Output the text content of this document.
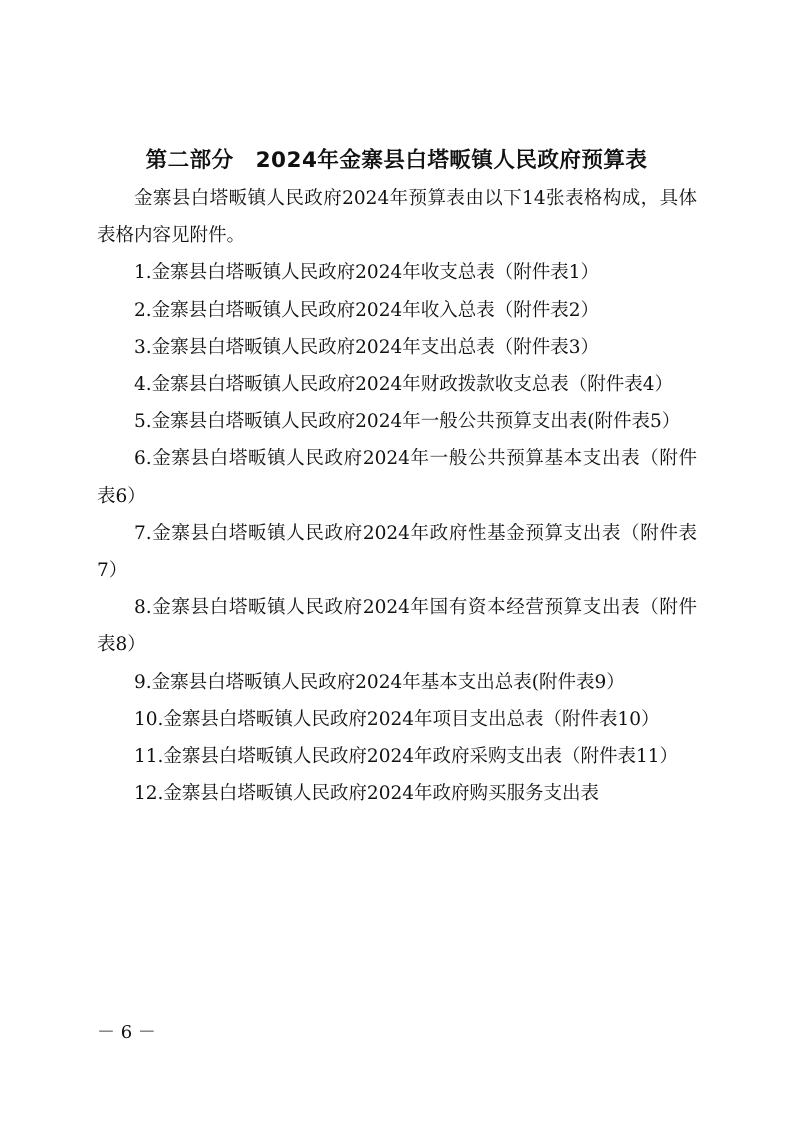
第二部分　2024年金寨县白塔畈镇人民政府预算表

金寨县白塔畈镇人民政府2024年预算表由以下14张表格构成，具体表格内容见附件。

1.金寨县白塔畈镇人民政府2024年收支总表（附件表1）

2.金寨县白塔畈镇人民政府2024年收入总表（附件表2）

3.金寨县白塔畈镇人民政府2024年支出总表（附件表3）

4.金寨县白塔畈镇人民政府2024年财政拨款收支总表（附件表4）

5.金寨县白塔畈镇人民政府2024年一般公共预算支出表(附件表5）

6.金寨县白塔畈镇人民政府2024年一般公共预算基本支出表（附件表6）

7.金寨县白塔畈镇人民政府2024年政府性基金预算支出表（附件表7）

8.金寨县白塔畈镇人民政府2024年国有资本经营预算支出表（附件表8）

9.金寨县白塔畈镇人民政府2024年基本支出总表(附件表9）

10.金寨县白塔畈镇人民政府2024年项目支出总表（附件表10）

11.金寨县白塔畈镇人民政府2024年政府采购支出表（附件表11）

12.金寨县白塔畈镇人民政府2024年政府购买服务支出表

－ 6 －
